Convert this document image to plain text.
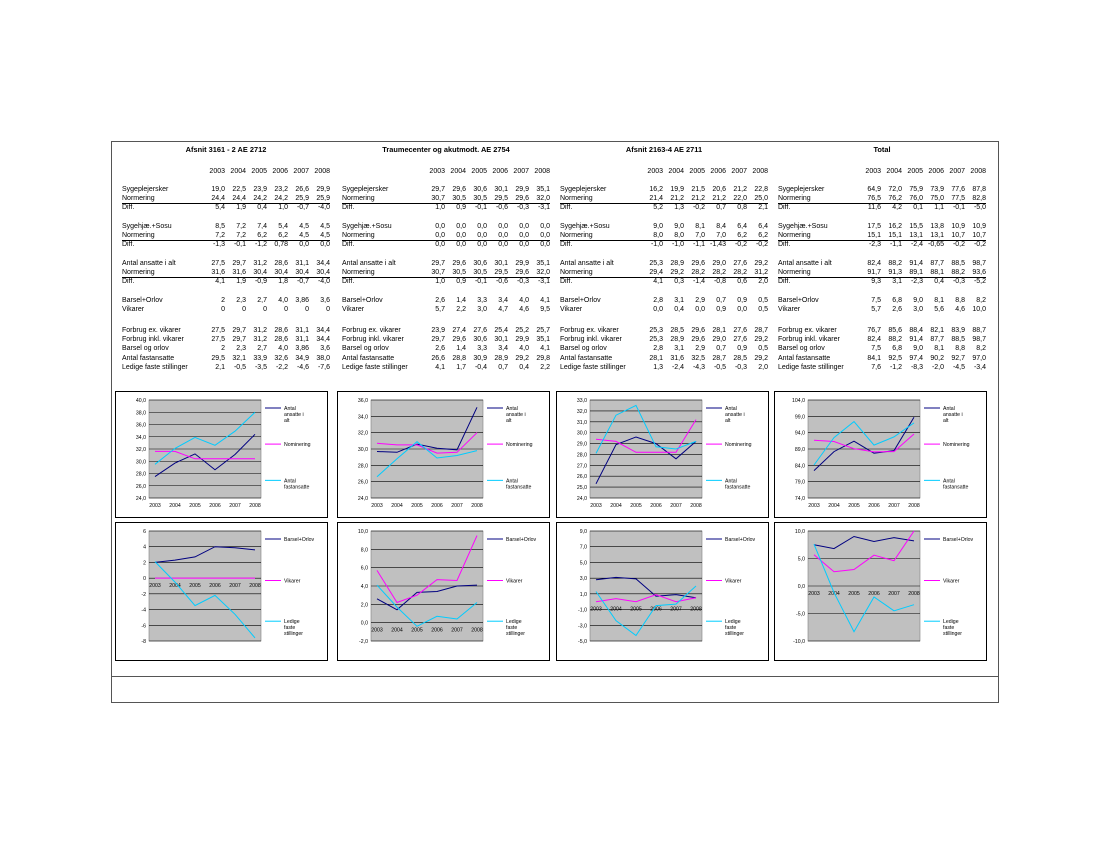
Afsnit 3161 - 2 AE 2712
2003 2004 2005 2006 2007 2008
Sygeplejersker	19,0	22,5	23,9	23,2	26,6	29,9
Normering	24,4	24,4	24,2	24,2	25,9	25,9
Diff.	5,4	1,9	0,4	1,0	-0,7	-4,0
Sygehjæ.+Sosu	8,5	7,2	7,4	5,4	4,5	4,5
Normering	7,2	7,2	6,2	6,2	4,5	4,5
Diff.	-1,3	-0,1	-1,2	0,78	0,0	0,0
Antal ansatte i alt	27,5	29,7	31,2	28,6	31,1	34,4
Normering	31,6	31,6	30,4	30,4	30,4	30,4
Diff.	4,1	1,9	-0,9	1,8	-0,7	-4,0
Barsel+Orlov	2	2,3	2,7	4,0	3,86	3,6
Vikarer	0	0	0	0	0	0
Forbrug ex. vikarer	27,5	29,7	31,2	28,6	31,1	34,4
Forbrug inkl. vikarer	27,5	29,7	31,2	28,6	31,1	34,4
Barsel og orlov	2	2,3	2,7	4,0	3,86	3,6
Antal fastansatte	29,5	32,1	33,9	32,6	34,9	38,0
Ledige faste stillinger	2,1	-0,5	-3,5	-2,2	-4,6	-7,6
24,0
26,0
28,0
30,0
32,0
34,0
36,0
38,0
40,0
2003 2004 2005 2006 2007 2008
Antal ansatte i alt
Nominering
Antal fastansatte
-8
-6
-4
-2
0
2
4
6
2003 2004 2005 2006 2007 2008
Barsel+Orlov
Vikarer
Ledige faste stillinger
Traumecenter og akutmodt. AE 2754
2003 2004 2005 2006 2007 2008
Sygeplejersker	29,7	29,6	30,6	30,1	29,9	35,1
Normering	30,7	30,5	30,5	29,5	29,6	32,0
Diff.	1,0	0,9	-0,1	-0,6	-0,3	-3,1
Sygehjæ.+Sosu	0,0	0,0	0,0	0,0	0,0	0,0
Normering	0,0	0,0	0,0	0,0	0,0	0,0
Diff.	0,0	0,0	0,0	0,0	0,0	0,0
Antal ansatte i alt	29,7	29,6	30,6	30,1	29,9	35,1
Normering	30,7	30,5	30,5	29,5	29,6	32,0
Diff.	1,0	0,9	-0,1	-0,6	-0,3	-3,1
Barsel+Orlov	2,6	1,4	3,3	3,4	4,0	4,1
Vikarer	5,7	2,2	3,0	4,7	4,6	9,5
Forbrug ex. vikarer	23,9	27,4	27,6	25,4	25,2	25,7
Forbrug inkl. vikarer	29,7	29,6	30,6	30,1	29,9	35,1
Barsel og orlov	2,6	1,4	3,3	3,4	4,0	4,1
Antal fastansatte	26,6	28,8	30,9	28,9	29,2	29,8
Ledige faste stillinger	4,1	1,7	-0,4	0,7	0,4	2,2
24,0
26,0
28,0
30,0
32,0
34,0
36,0
2003 2004 2005 2006 2007 2008
Antal ansatte i alt
Nominering
Antal fastansatte
-2,0
0,0
2,0
4,0
6,0
8,0
10,0
2003 2004 2005 2006 2007 2008
Barsel+Orlov
Vikarer
Ledige faste stillinger
Afsnit 2163-4 AE 2711
2003 2004 2005 2006 2007 2008
Sygeplejersker	16,2	19,9	21,5	20,6	21,2	22,8
Normering	21,4	21,2	21,2	21,2	22,0	25,0
Diff.	5,2	1,3	-0,2	0,7	0,8	2,1
Sygehjæ.+Sosu	9,0	9,0	8,1	8,4	6,4	6,4
Normering	8,0	8,0	7,0	7,0	6,2	6,2
Diff.	-1,0	-1,0	-1,1 -1,43	-0,2	-0,2
Antal ansatte i alt	25,3	28,9	29,6	29,0	27,6	29,2
Normering	29,4	29,2	28,2	28,2	28,2	31,2
Diff.	4,1	0,3	-1,4	-0,8	0,6	2,0
Barsel+Orlov	2,8	3,1	2,9	0,7	0,9	0,5
Vikarer	0,0	0,4	0,0	0,9	0,0	0,5
Forbrug ex. vikarer	25,3	28,5	29,6	28,1	27,6	28,7
Forbrug inkl. vikarer	25,3	28,9	29,6	29,0	27,6	29,2
Barsel og orlov	2,8	3,1	2,9	0,7	0,9	0,5
Antal fastansatte	28,1	31,6	32,5	28,7	28,5	29,2
Ledige faste stillinger	1,3	-2,4	-4,3	-0,5	-0,3	2,0
24,0
25,0
26,0
27,0
28,0
29,0
30,0
31,0
32,0
33,0
2003 2004 2005 2006 2007 2008
Antal ansatte i alt
Nominering
Antal fastansatte
-5,0
-3,0
-1,0
1,0
3,0
5,0
7,0
9,0
2003 2004 2005 2006 2007 2008
Barsel+Orlov
Vikarer
Ledige faste stillinger
Total
2003 2004 2005 2006 2007 2008
Sygeplejersker	64,9	72,0	75,9	73,9	77,6	87,8
Normering	76,5	76,2	76,0	75,0	77,5	82,8
Diff.	11,6	4,2	0,1	1,1	-0,1	-5,0
Sygehjæ.+Sosu	17,5	16,2	15,5	13,8	10,9	10,9
Normering	15,1	15,1	13,1	13,1	10,7	10,7
Diff.	-2,3	-1,1	-2,4 -0,65	-0,2	-0,2
Antal ansatte i alt	82,4	88,2	91,4	87,7	88,5	98,7
Normering	91,7	91,3	89,1	88,1	88,2	93,6
Diff.	9,3	3,1	-2,3	0,4	-0,3	-5,2
Barsel+Orlov	7,5	6,8	9,0	8,1	8,8	8,2
Vikarer	5,7	2,6	3,0	5,6	4,6	10,0
Forbrug ex. vikarer	76,7	85,6	88,4	82,1	83,9	88,7
Forbrug inkl. vikarer	82,4	88,2	91,4	87,7	88,5	98,7
Barsel og orlov	7,5	6,8	9,0	8,1	8,8	8,2
Antal fastansatte	84,1	92,5	97,4	90,2	92,7	97,0
Ledige faste stillinger	7,6	-1,2	-8,3	-2,0	-4,5	-3,4
74,0
79,0
84,0
89,0
94,0
99,0
104,0
2003 2004 2005 2006 2007 2008
Antal ansatte i alt
Nominering
Antal fastansatte
-10,0
-5,0
0,0
5,0
10,0
2003 2004 2005 2006 2007 2008
Barsel+Orlov
Vikarer
Ledige faste stillinger
